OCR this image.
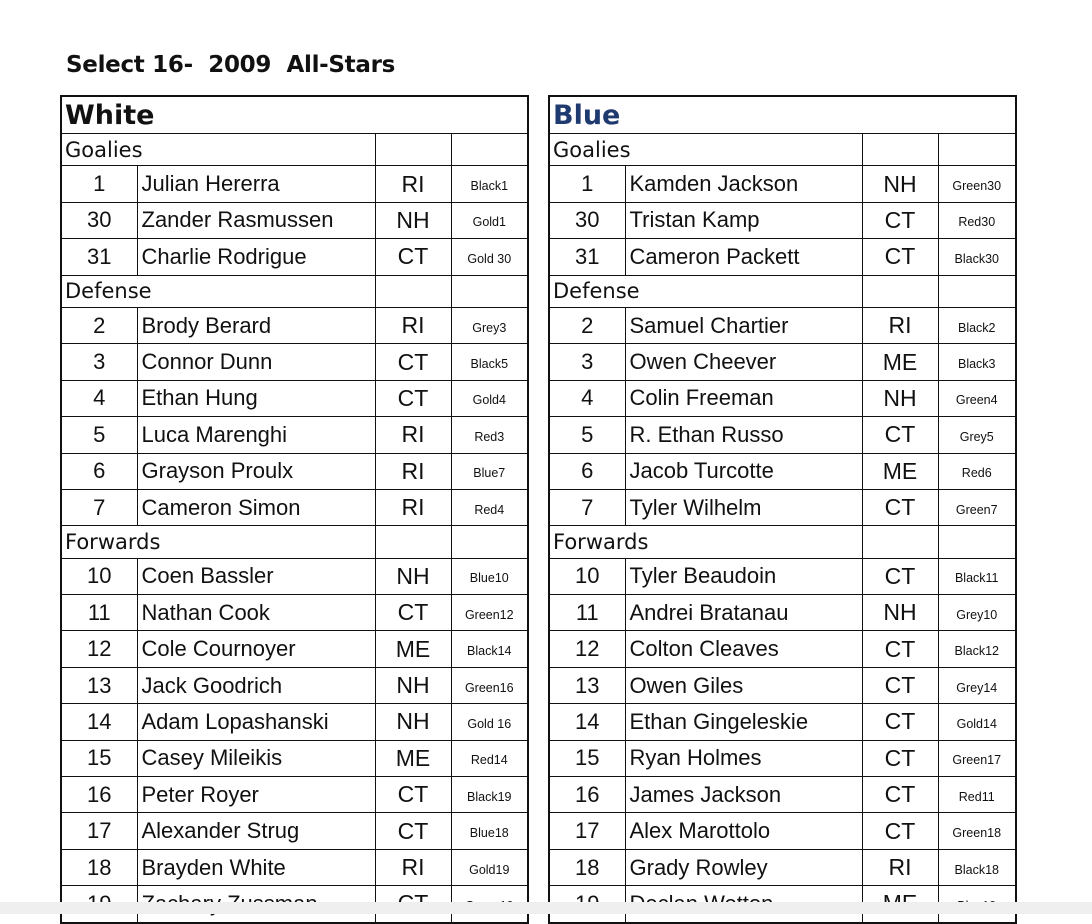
Select 16-  2009  All-Stars
White			
Goalies			
1	Julian Hererra	RI	Black1
30	Zander Rasmussen	NH	Gold1
31	Charlie Rodrigue	CT	Gold 30
Defense			
2	Brody Berard	RI	Grey3
3	Connor Dunn	CT	Black5
4	Ethan Hung	CT	Gold4
5	Luca Marenghi	RI	Red3
6	Grayson Proulx	RI	Blue7
7	Cameron Simon	RI	Red4
Forwards			
10	Coen Bassler	NH	Blue10
11	Nathan Cook	CT	Green12
12	Cole Cournoyer	ME	Black14
13	Jack Goodrich	NH	Green16
14	Adam Lopashanski	NH	Gold 16
15	Casey Mileikis	ME	Red14
16	Peter Royer	CT	Black19
17	Alexander Strug	CT	Blue18
18	Brayden White	RI	Gold19

Blue			
Goalies			
1	Kamden Jackson	NH	Green30
30	Tristan Kamp	CT	Red30
31	Cameron Packett	CT	Black30
Defense			
2	Samuel Chartier	RI	Black2
3	Owen Cheever	ME	Black3
4	Colin Freeman	NH	Green4
5	R. Ethan Russo	CT	Grey5
6	Jacob Turcotte	ME	Red6
7	Tyler Wilhelm	CT	Green7
Forwards			
10	Tyler Beaudoin	CT	Black11
11	Andrei Bratanau	NH	Grey10
12	Colton Cleaves	CT	Black12
13	Owen Giles	CT	Grey14
14	Ethan Gingeleskie	CT	Gold14
15	Ryan Holmes	CT	Green17
16	James Jackson	CT	Red11
17	Alex Marottolo	CT	Green18
18	Grady Rowley	RI	Black18
